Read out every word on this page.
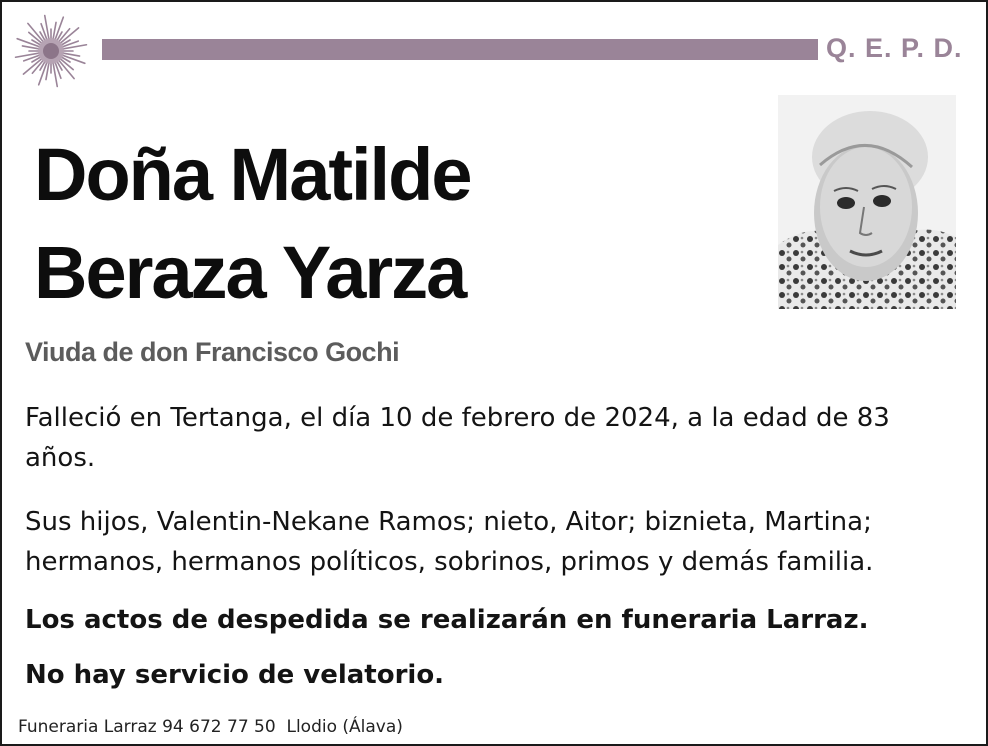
Q. E. P. D.
Doña Matilde
Beraza Yarza
Viuda de don Francisco Gochi

Falleció en Tertanga, el día 10 de febrero de 2024, a la edad de 83 años.

Sus hijos, Valentin-Nekane Ramos; nieto, Aitor; biznieta, Martina; hermanos, hermanos políticos, sobrinos, primos y demás familia.

Los actos de despedida se realizarán en funeraria Larraz.

No hay servicio de velatorio.

Funeraria Larraz 94 672 77 50  Llodio (Álava)
